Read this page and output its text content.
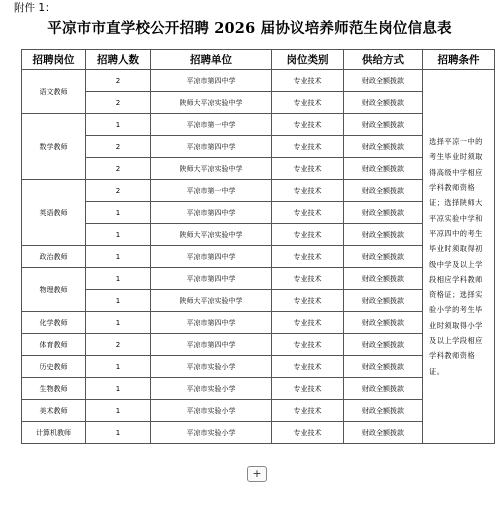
附件 1：
平凉市市直学校公开招聘 2026 届协议培养师范生岗位信息表
招聘岗位	招聘人数	招聘单位	岗位类别	供给方式	招聘条件
语文教师	2	平凉市第四中学	专业技术	财政全额拨款	选择平凉一中的考生毕业时须取得高级中学相应学科教师资格证；选择陕师大平凉实验中学和平凉四中的考生毕业时须取得初级中学及以上学段相应学科教师资格证；选择实验小学的考生毕业时须取得小学及以上学段相应学科教师资格证。
	2	陕师大平凉实验中学	专业技术	财政全额拨款	
数学教师	1	平凉市第一中学	专业技术	财政全额拨款	
	2	平凉市第四中学	专业技术	财政全额拨款	
	2	陕师大平凉实验中学	专业技术	财政全额拨款	
英语教师	2	平凉市第一中学	专业技术	财政全额拨款	
	1	平凉市第四中学	专业技术	财政全额拨款	
	1	陕师大平凉实验中学	专业技术	财政全额拨款	
政治教师	1	平凉市第四中学	专业技术	财政全额拨款	
物理教师	1	平凉市第四中学	专业技术	财政全额拨款	
	1	陕师大平凉实验中学	专业技术	财政全额拨款	
化学教师	1	平凉市第四中学	专业技术	财政全额拨款	
体育教师	2	平凉市第四中学	专业技术	财政全额拨款	
历史教师	1	平凉市实验小学	专业技术	财政全额拨款	
生物教师	1	平凉市实验小学	专业技术	财政全额拨款	
美术教师	1	平凉市实验小学	专业技术	财政全额拨款	
计算机教师	1	平凉市实验小学	专业技术	财政全额拨款	
+
